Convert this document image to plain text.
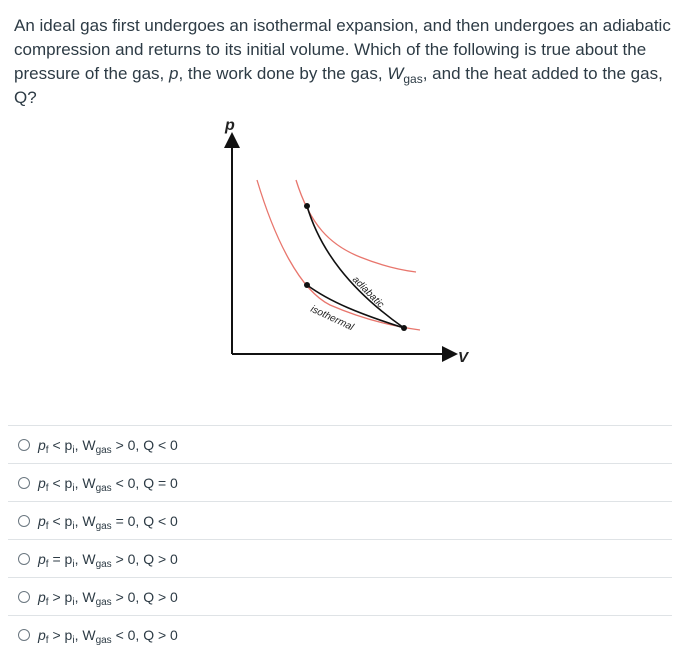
An ideal gas first undergoes an isothermal expansion, and then undergoes an adiabatic compression and returns to its initial volume. Which of the following is true about the pressure of the gas, p, the work done by the gas, $W_{gas}$, and the heat added to the gas, Q?
p
V
adiabatic
isothermal
$p_f < p_i$, $W_{gas} > 0$, Q < 0
$p_f < p_i$, $W_{gas} < 0$, Q = 0
$p_f < p_i$, $W_{gas} = 0$, Q < 0
$p_f = p_i$, $W_{gas} > 0$, Q > 0
$p_f > p_i$, $W_{gas} > 0$, Q > 0
$p_f > p_i$, $W_{gas} < 0$, Q > 0
